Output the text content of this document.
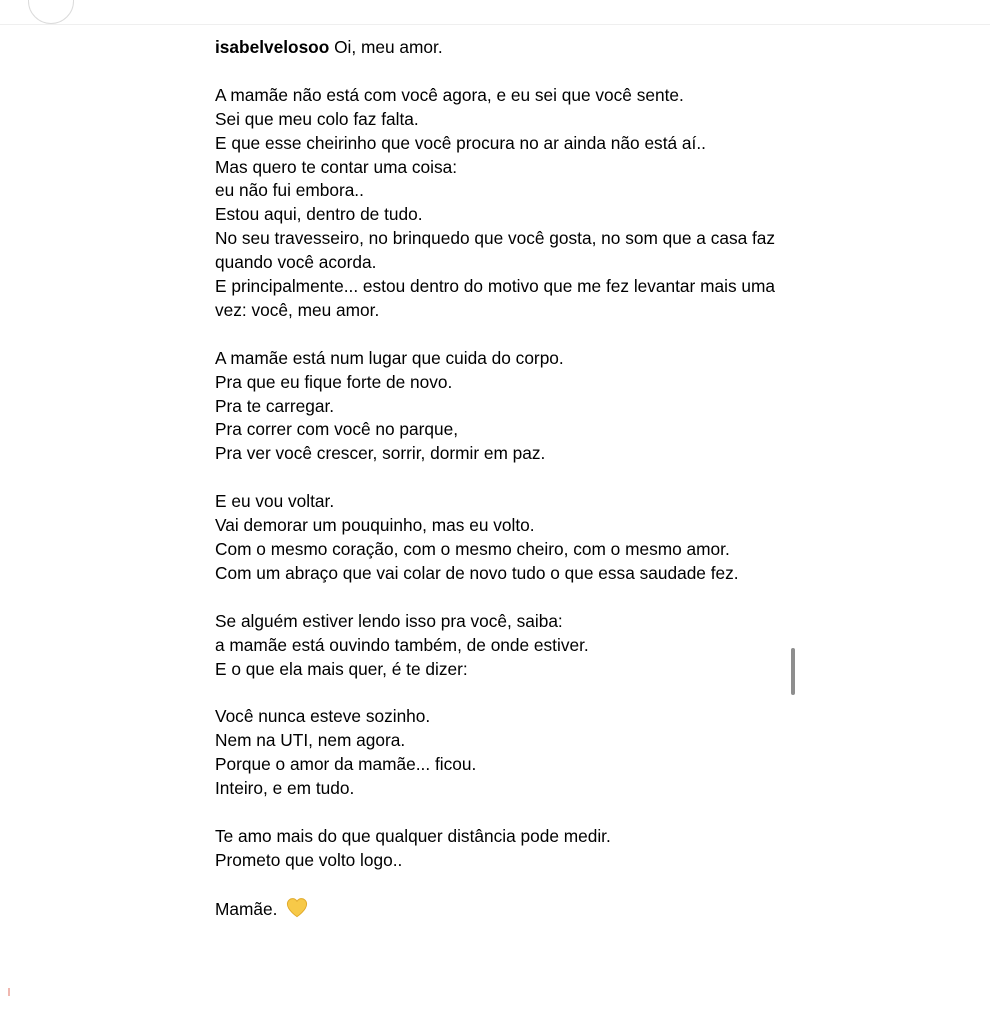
isabelvelosoo Oi, meu amor.

A mamãe não está com você agora, e eu sei que você sente.
Sei que meu colo faz falta.
E que esse cheirinho que você procura no ar ainda não está aí..
Mas quero te contar uma coisa:
eu não fui embora..
Estou aqui, dentro de tudo.
No seu travesseiro, no brinquedo que você gosta, no som que a casa faz quando você acorda.
E principalmente... estou dentro do motivo que me fez levantar mais uma vez: você, meu amor.

A mamãe está num lugar que cuida do corpo.
Pra que eu fique forte de novo.
Pra te carregar.
Pra correr com você no parque,
Pra ver você crescer, sorrir, dormir em paz.

E eu vou voltar.
Vai demorar um pouquinho, mas eu volto.
Com o mesmo coração, com o mesmo cheiro, com o mesmo amor.
Com um abraço que vai colar de novo tudo o que essa saudade fez.

Se alguém estiver lendo isso pra você, saiba:
a mamãe está ouvindo também, de onde estiver.
E o que ela mais quer, é te dizer:

Você nunca esteve sozinho.
Nem na UTI, nem agora.
Porque o amor da mamãe... ficou.
Inteiro, e em tudo.

Te amo mais do que qualquer distância pode medir.
Prometo que volto logo..

Mamãe.
